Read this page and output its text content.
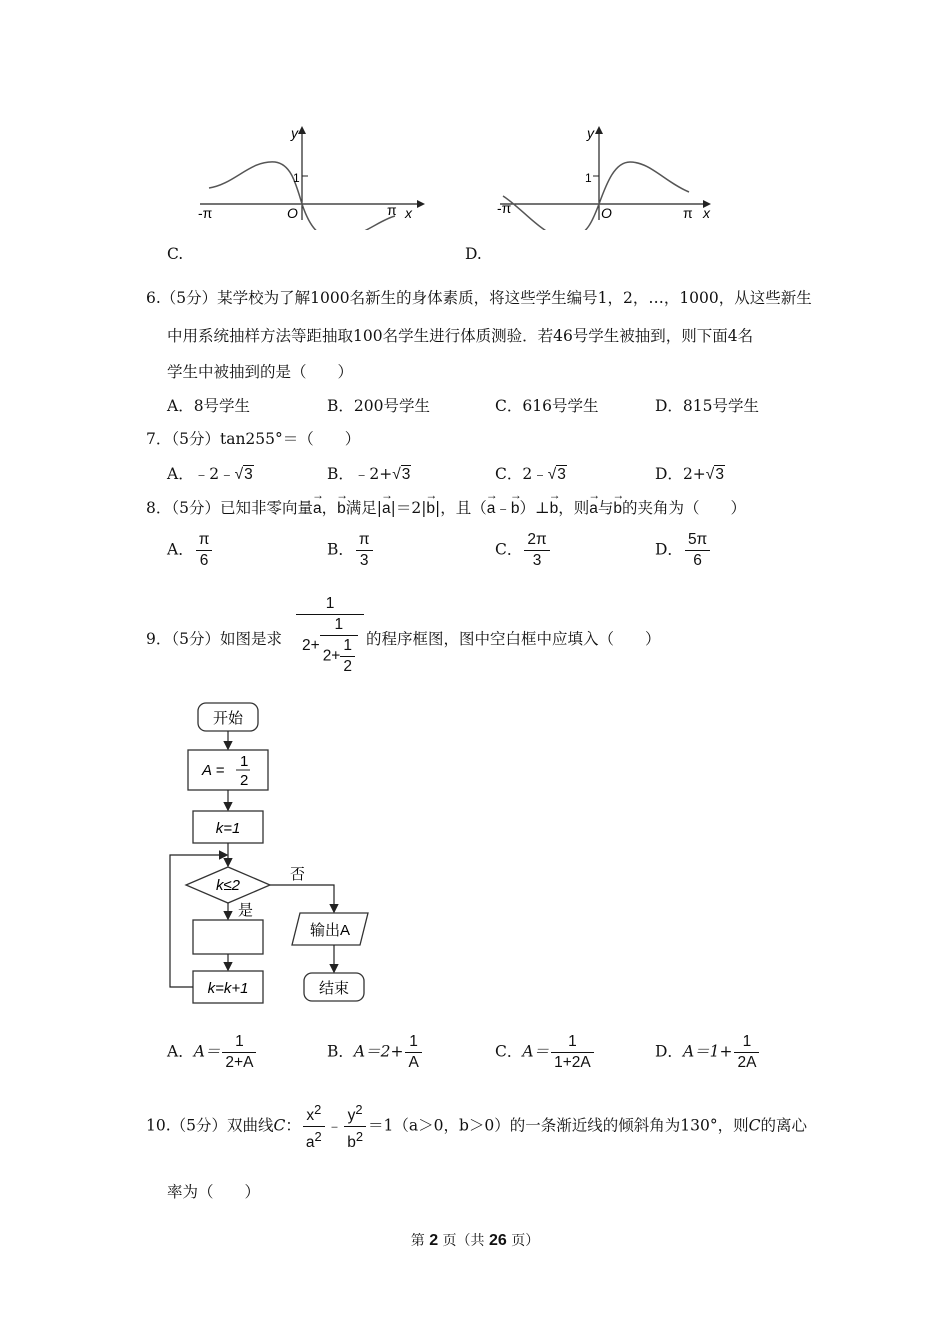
y
x
O
1
-π	π
y
x
O
1
-π	π
C.	D.
6.（5分）某学校为了解1000名新生的身体素质，将这些学生编号1，2，…，1000，从这些新生
中用系统抽样方法等距抽取100名学生进行体质测验．若46号学生被抽到，则下面4名
学生中被抽到的是（　　）
A．8号学生	B．200号学生	C．616号学生	D．815号学生
7．（5分）tan255°＝（　　）
A．﹣2﹣√3	B．﹣2+√3	C．2﹣√3	D．2+√3
8．（5分）已知非零向量→ a，→ b满足|→ a|＝2|→ b|，且（→ a﹣→ b）⊥→ b，则→ a与→ b的夹角为（　　）
A． $\frac{\pi}{6}$	B． $\frac{\pi}{3}$	C． $\frac{2\pi}{3}$	D． $\frac{5\pi}{6}$
9．（5分）如图是求
1
$2+ \frac{1}{2+ \frac{1}{2}}$ 的程序框图，图中空白框中应填入（　　）
开始
A =
1
2
k=1
k≤2
否
是
输出A
k=k+1	结束
A．$A= \frac{1}{2+A}$	B．$A=2+ \frac{1}{A}$	C．$A= \frac{1}{1+2A}$	D．$A=1+ \frac{1}{2A}$
10.（5分）双曲线C： $\frac{x^2}{a^2}$ ﹣ $\frac{y^2}{b^2} =1(a>0$，b＞0）的一条渐近线的倾斜角为130°，则C的离心
率为（　　）
第 2 页（共 26 页）
